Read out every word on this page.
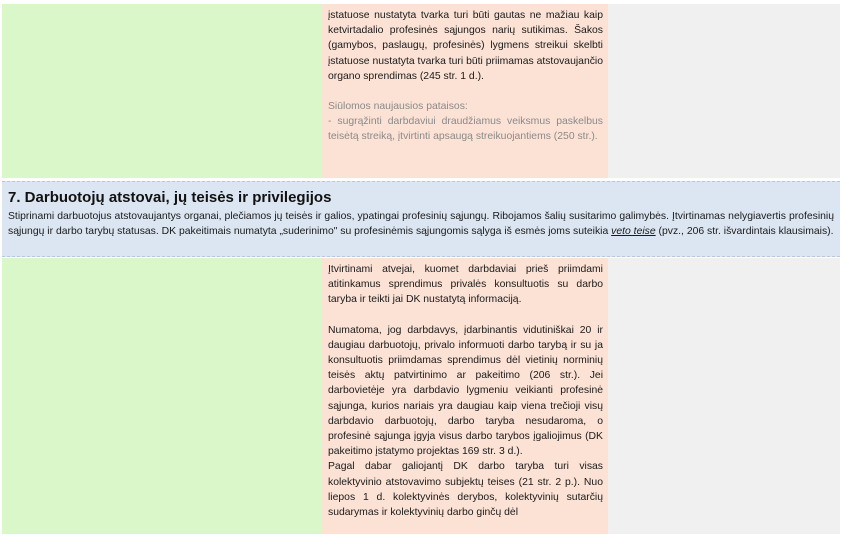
įstatuose nustatyta tvarka turi būti gautas ne mažiau kaip ketvirtadalio profesinės sąjungos narių sutikimas. Šakos (gamybos, paslaugų, profesinės) lygmens streikui skelbti įstatuose nustatyta tvarka turi būti priimamas atstovaujančio organo sprendimas (245 str. 1 d.).

Siūlomos naujausios pataisos:

- sugrąžinti darbdaviui draudžiamus veiksmus paskelbus teisėtą streiką, įtvirtinti apsaugą streikuojantiems (250 str.).

7. Darbuotojų atstovai, jų teisės ir privilegijos
Stiprinami darbuotojus atstovaujantys organai, plečiamos jų teisės ir galios, ypatingai profesinių sąjungų. Ribojamos šalių susitarimo galimybės. Įtvirtinamas nelygiavertis profesinių sąjungų ir darbo tarybų statusas. DK pakeitimais numatyta „suderinimo" su profesinėmis sąjungomis sąlyga iš esmės joms suteikia veto teise (pvz., 206 str. išvardintais klausimais).

Įtvirtinami atvejai, kuomet darbdaviai prieš priimdami atitinkamus sprendimus privalės konsultuotis su darbo taryba ir teikti jai DK nustatytą informaciją.

Numatoma, jog darbdavys, įdarbinantis vidutiniškai 20 ir daugiau darbuotojų, privalo informuoti darbo tarybą ir su ja konsultuotis priimdamas sprendimus dėl vietinių norminių teisės aktų patvirtinimo ar pakeitimo (206 str.). Jei darbovietėje yra darbdavio lygmeniu veikianti profesinė sąjunga, kurios nariais yra daugiau kaip viena trečioji visų darbdavio darbuotojų, darbo taryba nesudaroma, o profesinė sąjunga įgyja visus darbo tarybos įgaliojimus (DK pakeitimo įstatymo projektas 169 str. 3 d.).

Pagal dabar galiojantį DK darbo taryba turi visas kolektyvinio atstovavimo subjektų teises (21 str. 2 p.). Nuo liepos 1 d. kolektyvinės derybos, kolektyvinių sutarčių sudarymas ir kolektyvinių darbo ginčų dėl
